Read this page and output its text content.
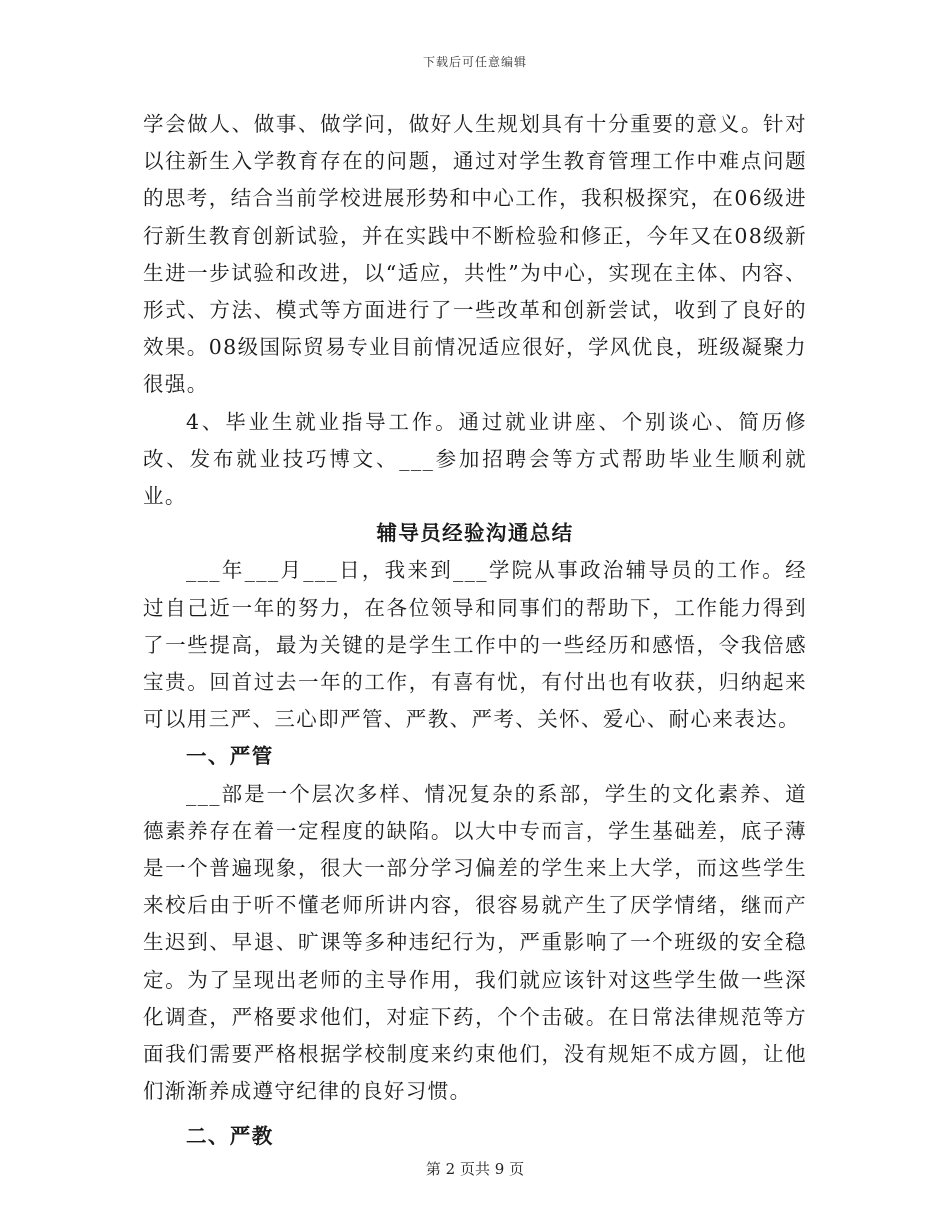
下载后可任意编辑

学会做人、做事、做学问，做好人生规划具有十分重要的意义。针对以往新生入学教育存在的问题，通过对学生教育管理工作中难点问题的思考，结合当前学校进展形势和中心工作，我积极探究，在06级进行新生教育创新试验，并在实践中不断检验和修正，今年又在08级新生进一步试验和改进，以“适应，共性”为中心，实现在主体、内容、形式、方法、模式等方面进行了一些改革和创新尝试，收到了良好的效果。08级国际贸易专业目前情况适应很好，学风优良，班级凝聚力很强。

4、毕业生就业指导工作。通过就业讲座、个别谈心、简历修改、发布就业技巧博文、___参加招聘会等方式帮助毕业生顺利就业。

辅导员经验沟通总结

___年___月___日，我来到___学院从事政治辅导员的工作。经过自己近一年的努力，在各位领导和同事们的帮助下，工作能力得到了一些提高，最为关键的是学生工作中的一些经历和感悟，令我倍感宝贵。回首过去一年的工作，有喜有忧，有付出也有收获，归纳起来可以用三严、三心即严管、严教、严考、关怀、爱心、耐心来表达。

一、严管

___部是一个层次多样、情况复杂的系部，学生的文化素养、道德素养存在着一定程度的缺陷。以大中专而言，学生基础差，底子薄是一个普遍现象，很大一部分学习偏差的学生来上大学，而这些学生来校后由于听不懂老师所讲内容，很容易就产生了厌学情绪，继而产生迟到、早退、旷课等多种违纪行为，严重影响了一个班级的安全稳定。为了呈现出老师的主导作用，我们就应该针对这些学生做一些深化调查，严格要求他们，对症下药，个个击破。在日常法律规范等方面我们需要严格根据学校制度来约束他们，没有规矩不成方圆，让他们渐渐养成遵守纪律的良好习惯。

二、严教

第 2 页共 9 页
